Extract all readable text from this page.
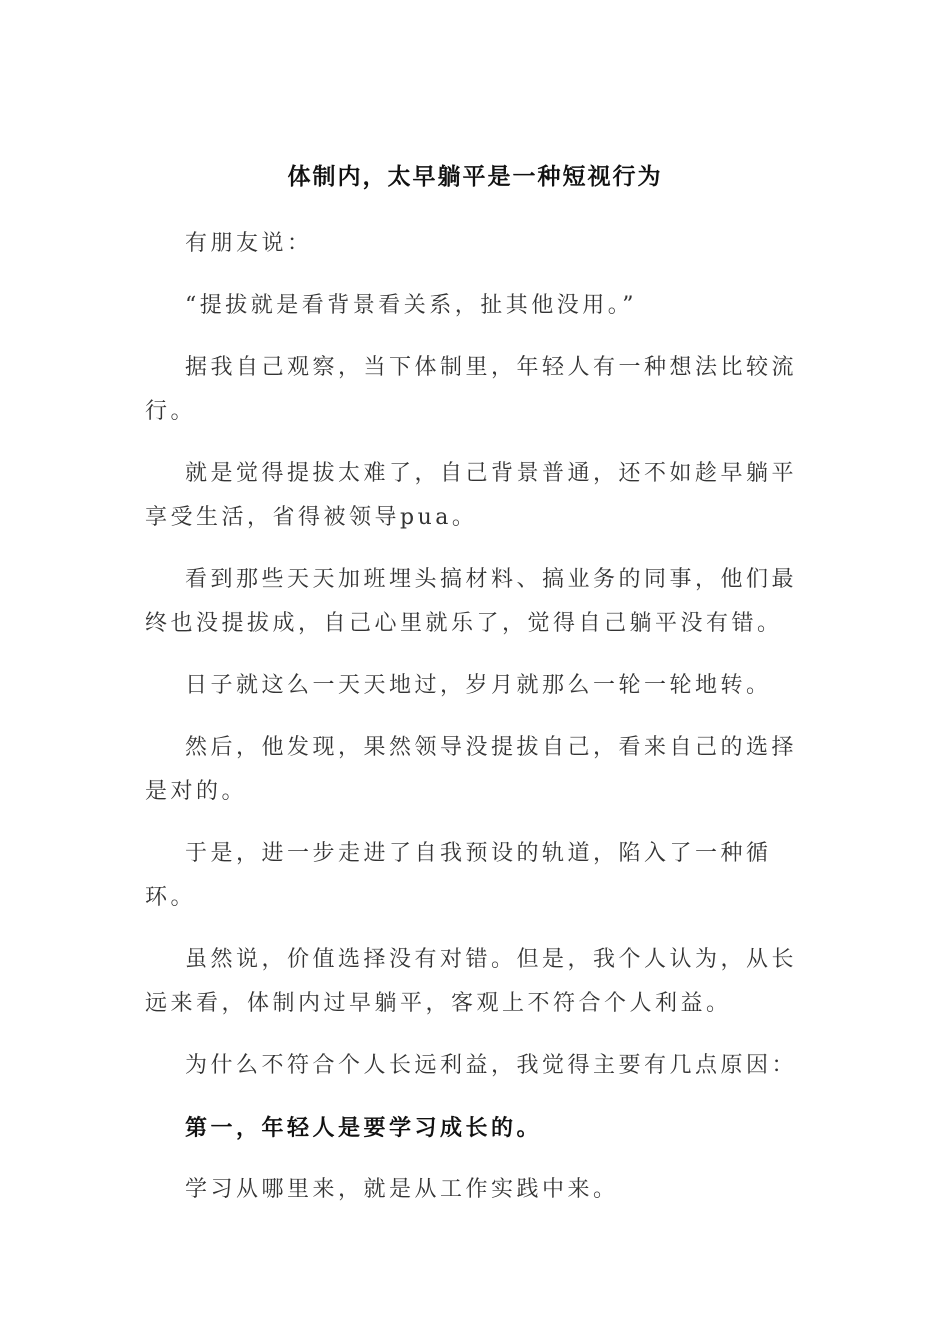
体制内，太早躺平是一种短视行为

有朋友说：

“提拔就是看背景看关系，扯其他没用。”

据我自己观察，当下体制里，年轻人有一种想法比较流行。

就是觉得提拔太难了，自己背景普通，还不如趁早躺平享受生活，省得被领导pua。

看到那些天天加班埋头搞材料、搞业务的同事，他们最终也没提拔成，自己心里就乐了，觉得自己躺平没有错。

日子就这么一天天地过，岁月就那么一轮一轮地转。

然后，他发现，果然领导没提拔自己，看来自己的选择是对的。

于是，进一步走进了自我预设的轨道，陷入了一种循环。

虽然说，价值选择没有对错。但是，我个人认为，从长远来看，体制内过早躺平，客观上不符合个人利益。

为什么不符合个人长远利益，我觉得主要有几点原因：

第一，年轻人是要学习成长的。

学习从哪里来，就是从工作实践中来。
